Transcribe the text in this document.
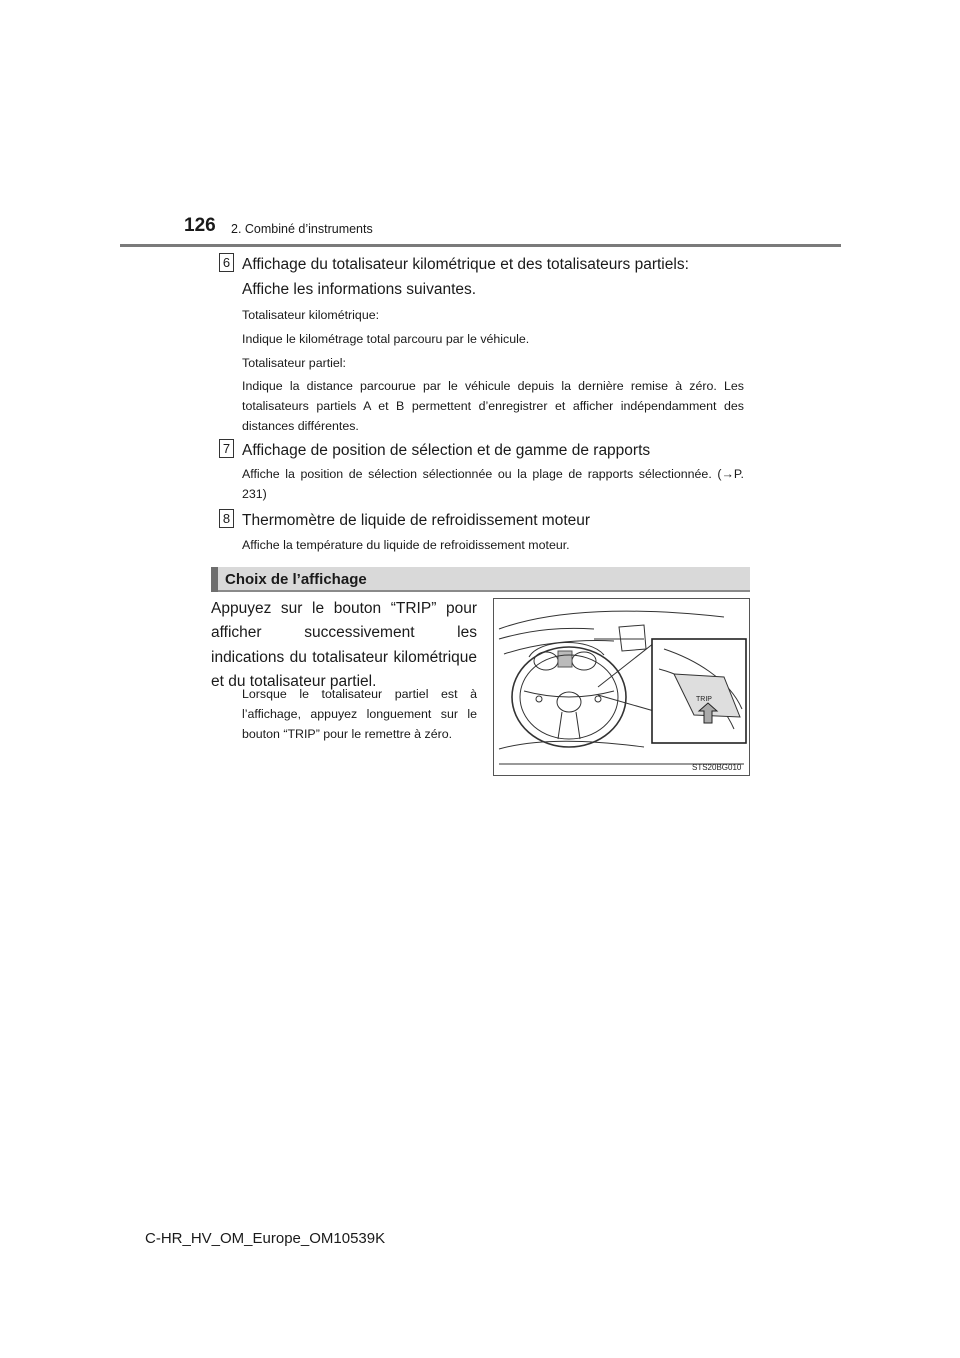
126 2. Combiné d’instruments
6 Affichage du totalisateur kilométrique et des totalisateurs partiels:
Affiche les informations suivantes.
Totalisateur kilométrique:
Indique le kilométrage total parcouru par le véhicule.
Totalisateur partiel:
Indique la distance parcourue par le véhicule depuis la dernière remise à zéro. Les totalisateurs partiels A et B permettent d’enregistrer et afficher indépendamment des distances différentes.
7 Affichage de position de sélection et de gamme de rapports
Affiche la position de sélection sélectionnée ou la plage de rapports sélectionnée. (→P. 231)
8 Thermomètre de liquide de refroidissement moteur
Affiche la température du liquide de refroidissement moteur.
Choix de l’affichage
Appuyez sur le bouton “TRIP” pour afficher successivement les indications du totalisateur kilométrique et du totalisateur partiel.
Lorsque le totalisateur partiel est à l’affichage, appuyez longuement sur le bouton “TRIP” pour le remettre à zéro.
TRIP
STS20BG010
C-HR_HV_OM_Europe_OM10539K
